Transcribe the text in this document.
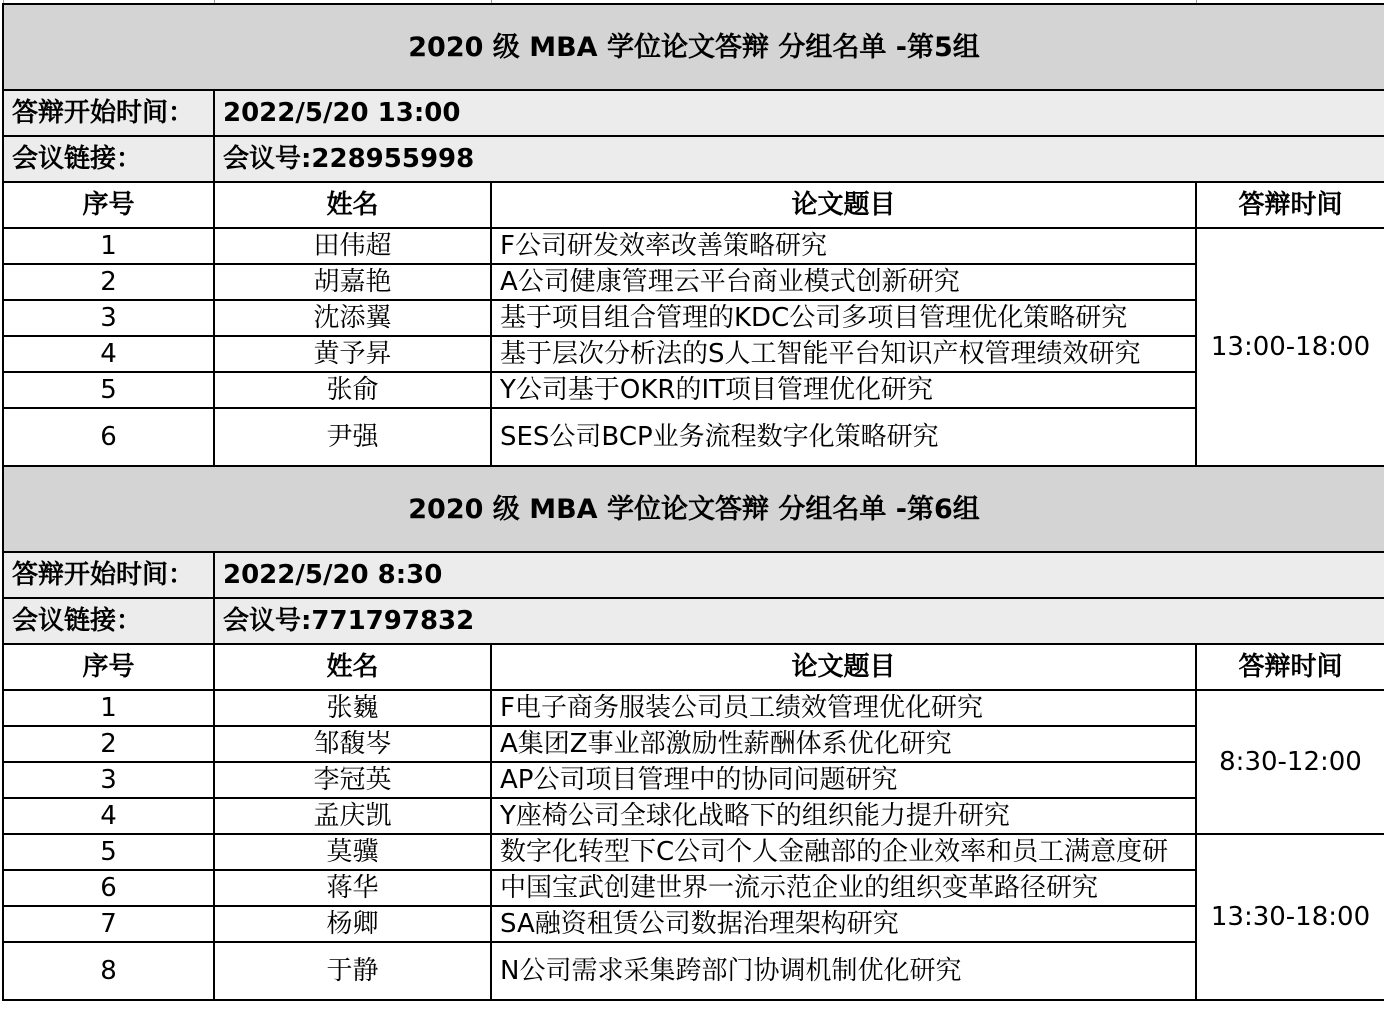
2020 级 MBA 学位论文答辩 分组名单 -第5组			
答辩开始时间：	2022/5/20 13:00		
会议链接：	会议号:228955998		
序号	姓名	论文题目	答辩时间
1	田伟超	F公司研发效率改善策略研究	13:00-18:00
2	胡嘉艳	A公司健康管理云平台商业模式创新研究	
3	沈添翼	基于项目组合管理的KDC公司多项目管理优化策略研究	
4	黄予昇	基于层次分析法的S人工智能平台知识产权管理绩效研究	
5	张俞	Y公司基于OKR的IT项目管理优化研究	
6	尹强	SES公司BCP业务流程数字化策略研究	
2020 级 MBA 学位论文答辩 分组名单 -第6组			
答辩开始时间：	2022/5/20 8:30		
会议链接：	会议号:771797832		
序号	姓名	论文题目	答辩时间
1	张巍	F电子商务服装公司员工绩效管理优化研究	8:30-12:00
2	邹馥岑	A集团Z事业部激励性薪酬体系优化研究	
3	李冠英	AP公司项目管理中的协同问题研究	
4	孟庆凯	Y座椅公司全球化战略下的组织能力提升研究	
5	莫骥	数字化转型下C公司个人金融部的企业效率和员工满意度研	13:30-18:00
6	蒋华	中国宝武创建世界一流示范企业的组织变革路径研究	
7	杨卿	SA融资租赁公司数据治理架构研究	
8	于静	N公司需求采集跨部门协调机制优化研究	
